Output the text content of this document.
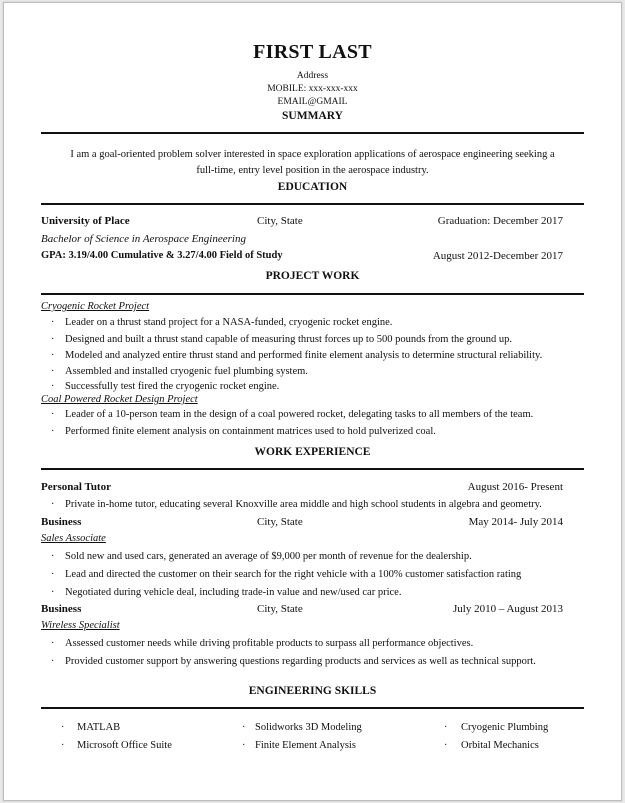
FIRST LAST
Address
MOBILE: xxx-xxx-xxx
EMAIL@GMAIL
SUMMARY
I am a goal-oriented problem solver interested in space exploration applications of aerospace engineering seeking a
full-time, entry level position in the aerospace industry.
EDUCATION
University of Place	City, State	Graduation: December 2017
Bachelor of Science in Aerospace Engineering
GPA: 3.19/4.00 Cumulative & 3.27/4.00 Field of Study	August 2012-December 2017
PROJECT WORK
Cryogenic Rocket Project
· Leader on a thrust stand project for a NASA-funded, cryogenic rocket engine.
· Designed and built a thrust stand capable of measuring thrust forces up to 500 pounds from the ground up.
· Modeled and analyzed entire thrust stand and performed finite element analysis to determine structural reliability.
· Assembled and installed cryogenic fuel plumbing system.
· Successfully test fired the cryogenic rocket engine.
Coal Powered Rocket Design Project
· Leader of a 10-person team in the design of a coal powered rocket, delegating tasks to all members of the team.
· Performed finite element analysis on containment matrices used to hold pulverized coal.
WORK EXPERIENCE
Personal Tutor	August 2016- Present
· Private in-home tutor, educating several Knoxville area middle and high school students in algebra and geometry.
Business	City, State	May 2014- July 2014
Sales Associate
· Sold new and used cars, generated an average of $9,000 per month of revenue for the dealership.
· Lead and directed the customer on their search for the right vehicle with a 100% customer satisfaction rating
· Negotiated during vehicle deal, including trade-in value and new/used car price.
Business	City, State	July 2010 – August 2013
Wireless Specialist
· Assessed customer needs while driving profitable products to surpass all performance objectives.
· Provided customer support by answering questions regarding products and services as well as technical support.
ENGINEERING SKILLS
· MATLAB
· Microsoft Office Suite
· Solidworks 3D Modeling
· Finite Element Analysis
· Cryogenic Plumbing
· Orbital Mechanics
